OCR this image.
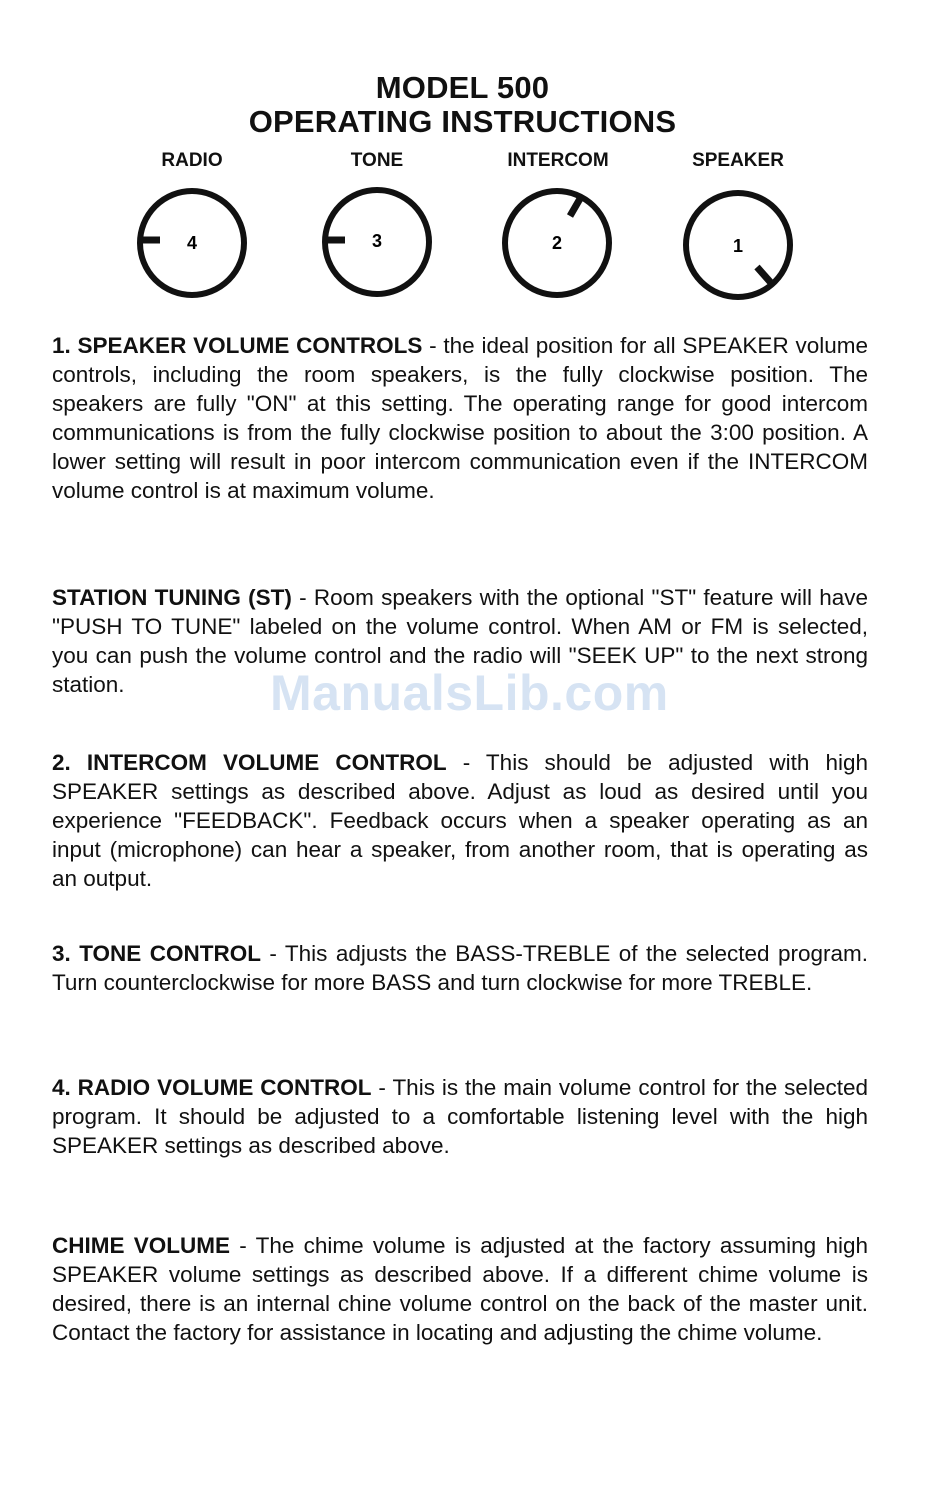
MODEL 500
OPERATING INSTRUCTIONS
RADIO	TONE	INTERCOM	SPEAKER
4	3	2	1
1. SPEAKER VOLUME CONTROLS - the ideal position for all SPEAKER volume controls, including the room speakers, is the fully clockwise position. The speakers are fully "ON" at this setting. The operating range for good intercom communications is from the fully clockwise position to about the 3:00 position. A lower setting will result in poor intercom communication even if the INTERCOM volume control is at maximum volume.
STATION TUNING (ST) - Room speakers with the optional "ST" feature will have "PUSH TO TUNE" labeled on the volume control. When AM or FM is selected, you can push the volume control and the radio will "SEEK UP" to the next strong station.
2. INTERCOM VOLUME CONTROL - This should be adjusted with high SPEAKER settings as described above. Adjust as loud as desired until you experience "FEEDBACK". Feedback occurs when a speaker operating as an input (microphone) can hear a speaker, from another room, that is operating as an output.
3. TONE CONTROL - This adjusts the BASS-TREBLE of the selected program. Turn counterclockwise for more BASS and turn clockwise for more TREBLE.
4. RADIO VOLUME CONTROL - This is the main volume control for the selected program. It should be adjusted to a comfortable listening level with the high SPEAKER settings as described above.
CHIME VOLUME - The chime volume is adjusted at the factory assuming high SPEAKER volume settings as described above. If a different chime volume is desired, there is an internal chine volume control on the back of the master unit. Contact the factory for assistance in locating and adjusting the chime volume.
ManualsLib.com
